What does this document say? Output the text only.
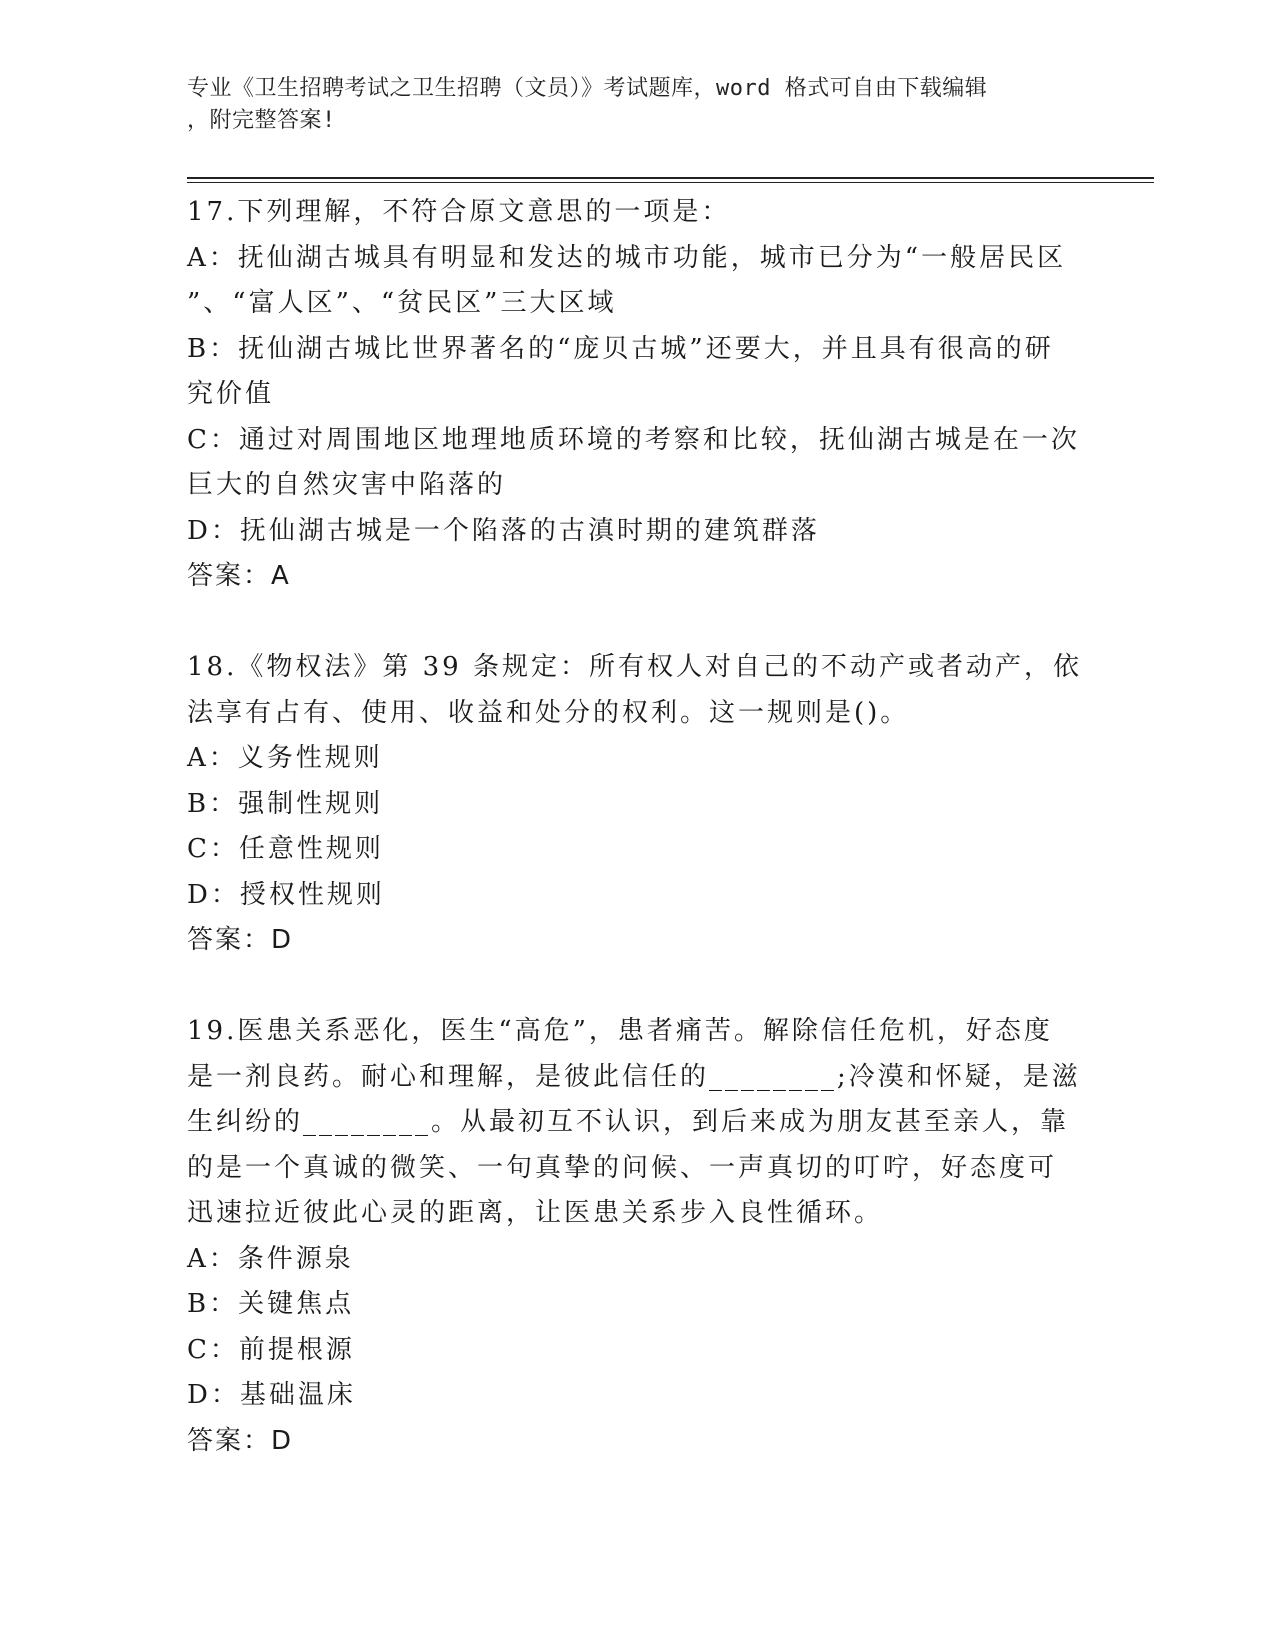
专业《卫生招聘考试之卫生招聘（文员）》考试题库，word 格式可自由下载编辑
，附完整答案!
17.下列理解，不符合原文意思的一项是：
A：抚仙湖古城具有明显和发达的城市功能，城市已分为“一般居民区
”、“富人区”、“贫民区”三大区域
B：抚仙湖古城比世界著名的“庞贝古城”还要大，并且具有很高的研
究价值
C：通过对周围地区地理地质环境的考察和比较，抚仙湖古城是在一次
巨大的自然灾害中陷落的
D：抚仙湖古城是一个陷落的古滇时期的建筑群落
答案：A
18.《物权法》第 39 条规定：所有权人对自己的不动产或者动产，依
法享有占有、使用、收益和处分的权利。这一规则是()。
A：义务性规则
B：强制性规则
C：任意性规则
D：授权性规则
答案：D
19.医患关系恶化，医生“高危”，患者痛苦。解除信任危机，好态度
是一剂良药。耐心和理解，是彼此信任的________;冷漠和怀疑，是滋
生纠纷的________。从最初互不认识，到后来成为朋友甚至亲人，靠
的是一个真诚的微笑、一句真挚的问候、一声真切的叮咛，好态度可
迅速拉近彼此心灵的距离，让医患关系步入良性循环。
A：条件源泉
B：关键焦点
C：前提根源
D：基础温床
答案：D
